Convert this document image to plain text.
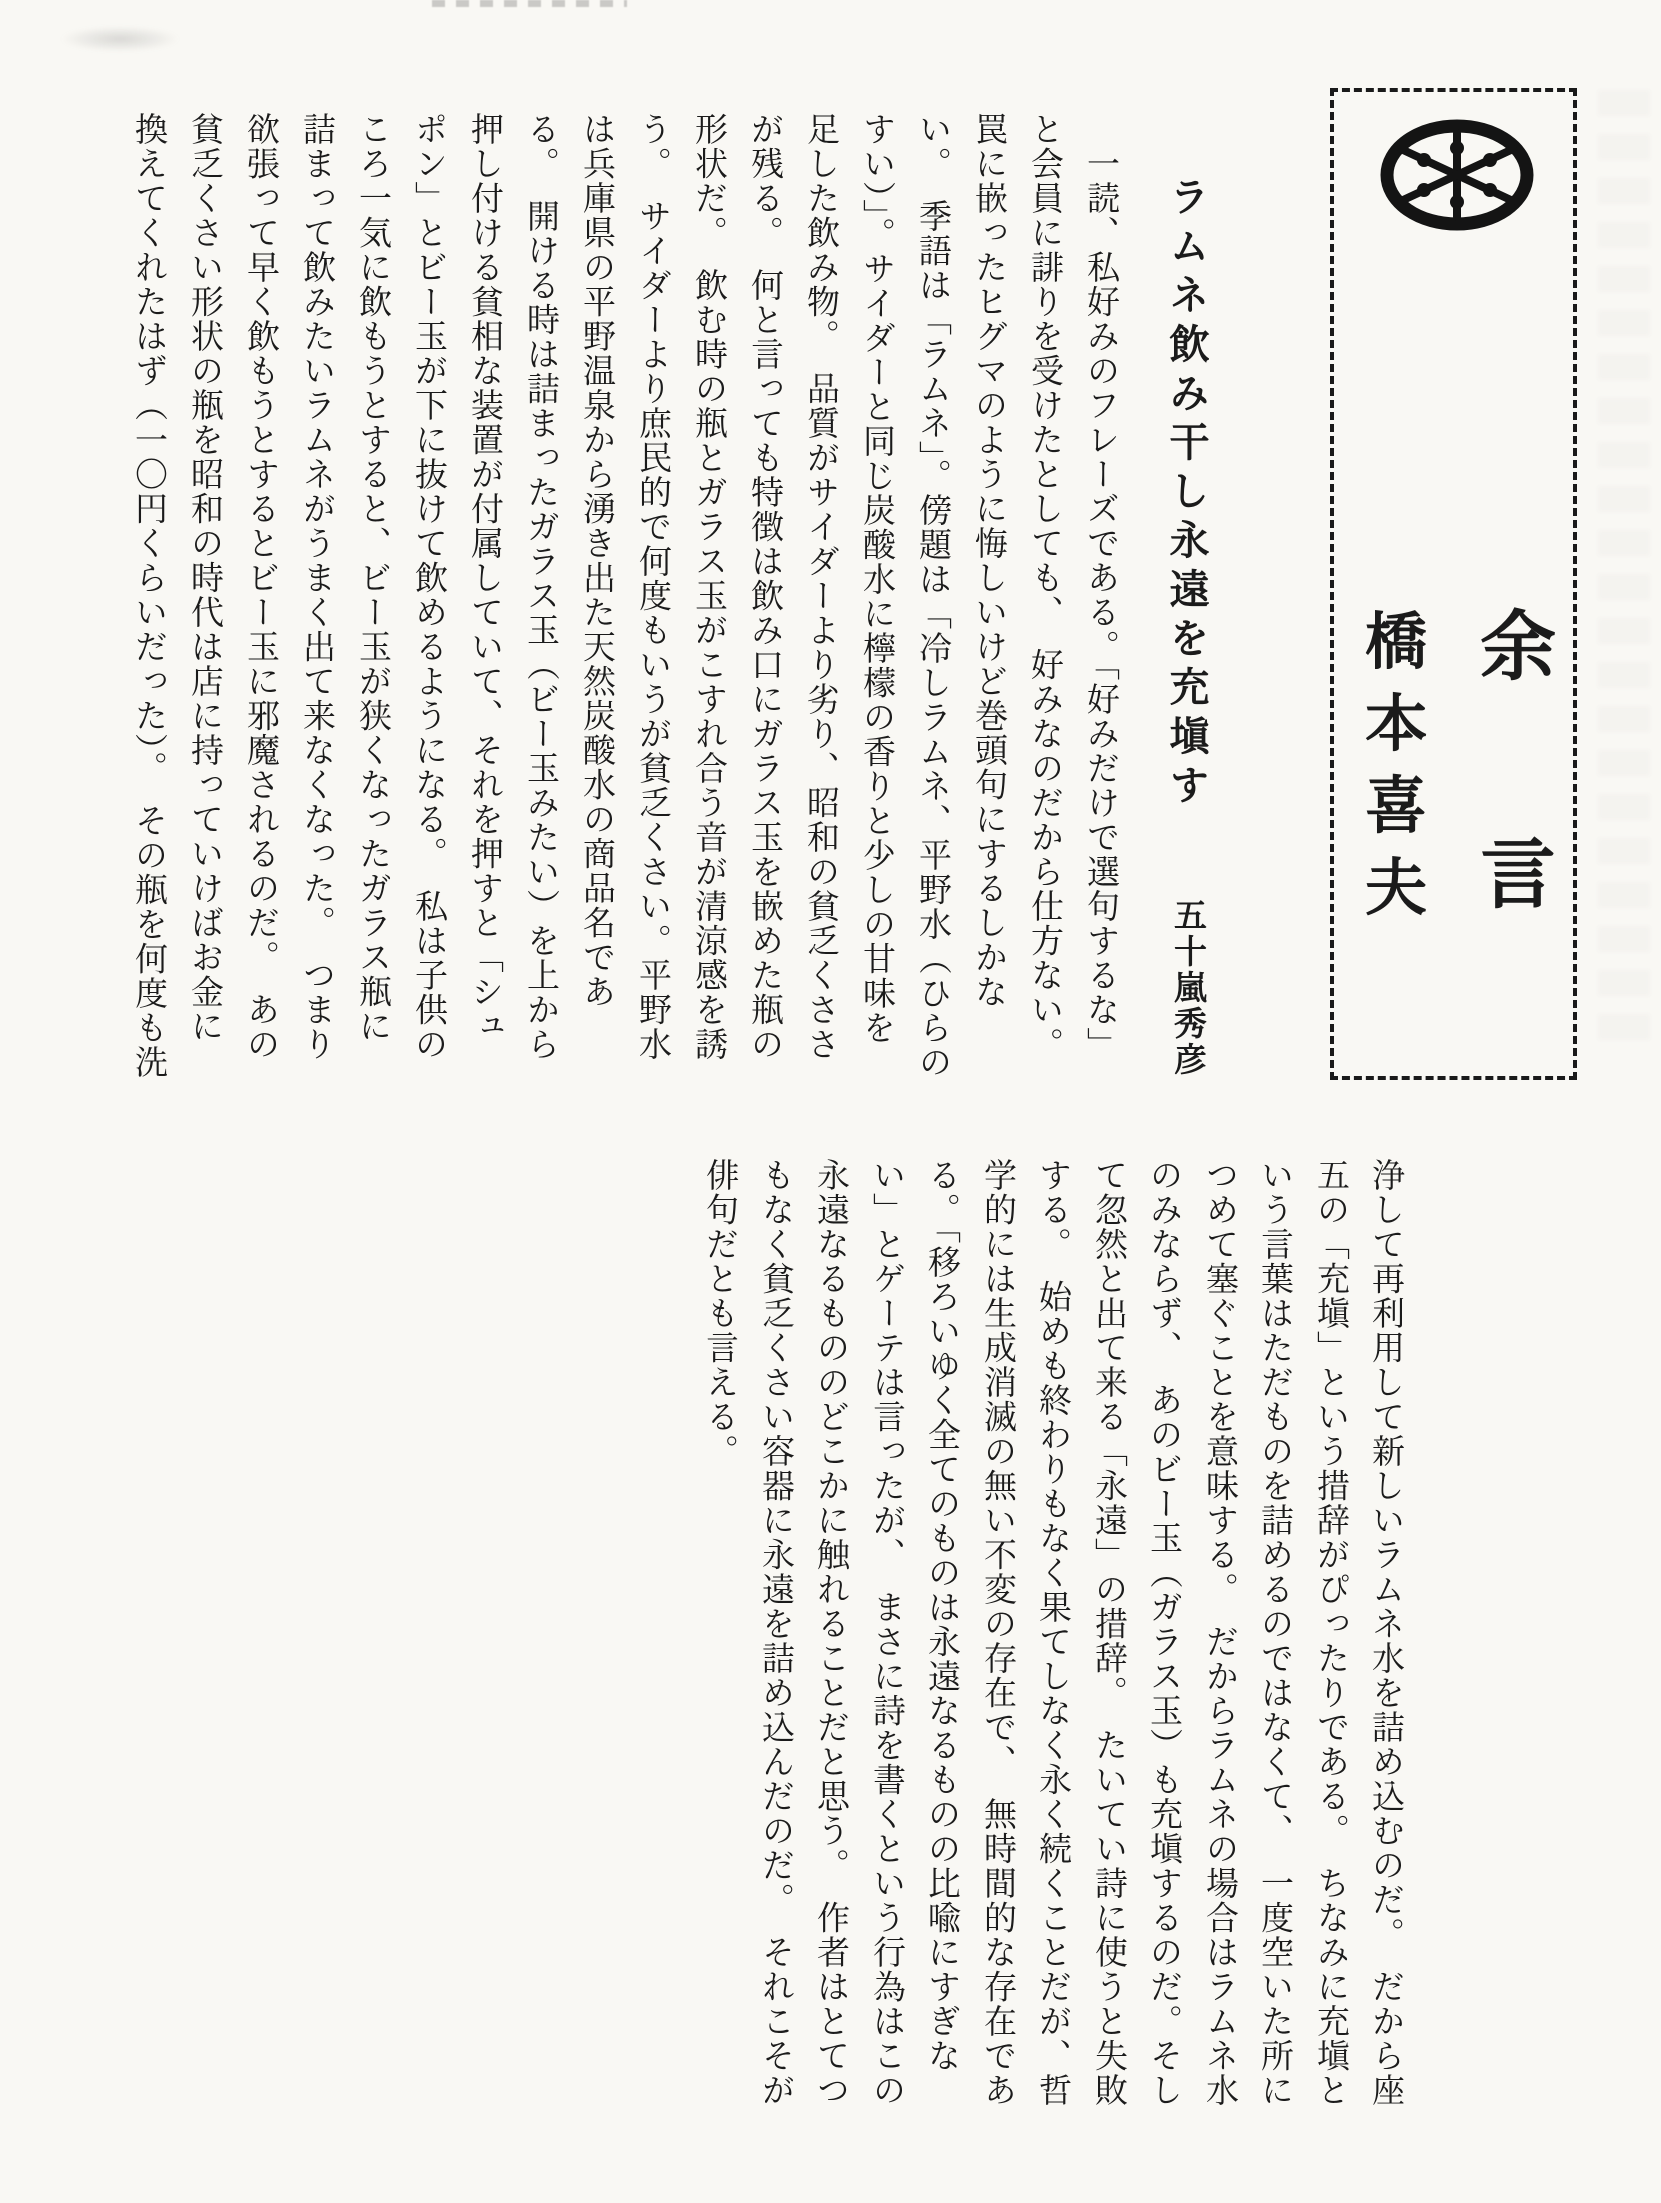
余
言
橋
本
喜
夫
ラムネ飲み干し永遠を充塡す
五十嵐秀彦
　一読、私好みのフレーズである。「好みだけで選句するな」
と会員に誹りを受けたとしても、　好みなのだから仕方ない。
罠に嵌ったヒグマのように悔しいけど巻頭句にするしかな
い。　季語は「ラムネ」。傍題は「冷しラムネ、平野水（ひらの
すい）」。サイダーと同じ炭酸水に檸檬の香りと少しの甘味を
足した飲み物。　品質がサイダーより劣り、昭和の貧乏くささ
が残る。　何と言っても特徴は飲み口にガラス玉を嵌めた瓶の
形状だ。　飲む時の瓶とガラス玉がこすれ合う音が清涼感を誘
う。　サイダーより庶民的で何度もいうが貧乏くさい。平野水
は兵庫県の平野温泉から湧き出た天然炭酸水の商品名であ
る。　開ける時は詰まったガラス玉（ビー玉みたい）を上から
押し付ける貧相な装置が付属していて、それを押すと「シュ
ポン」とビー玉が下に抜けて飲めるようになる。　私は子供の
ころ一気に飲もうとすると、ビー玉が狭くなったガラス瓶に
詰まって飲みたいラムネがうまく出て来なくなった。　つまり
欲張って早く飲もうとするとビー玉に邪魔されるのだ。　あの
貧乏くさい形状の瓶を昭和の時代は店に持っていけばお金に
換えてくれたはず（一〇円くらいだった）。　その瓶を何度も洗
浄して再利用して新しいラムネ水を詰め込むのだ。　だから座
五の「充塡」という措辞がぴったりである。　ちなみに充塡と
いう言葉はただものを詰めるのではなくて、　一度空いた所に
つめて塞ぐことを意味する。　だからラムネの場合はラムネ水
のみならず、　あのビー玉（ガラス玉）も充塡するのだ。そし
て忽然と出て来る「永遠」の措辞。　たいてい詩に使うと失敗
する。　始めも終わりもなく果てしなく永く続くことだが、哲
学的には生成消滅の無い不変の存在で、　無時間的な存在であ
る。「移ろいゆく全てのものは永遠なるものの比喩にすぎな
い」とゲーテは言ったが、　まさに詩を書くという行為はこの
永遠なるもののどこかに触れることだと思う。　作者はとてつ
もなく貧乏くさい容器に永遠を詰め込んだのだ。　それこそが
俳句だとも言える。
